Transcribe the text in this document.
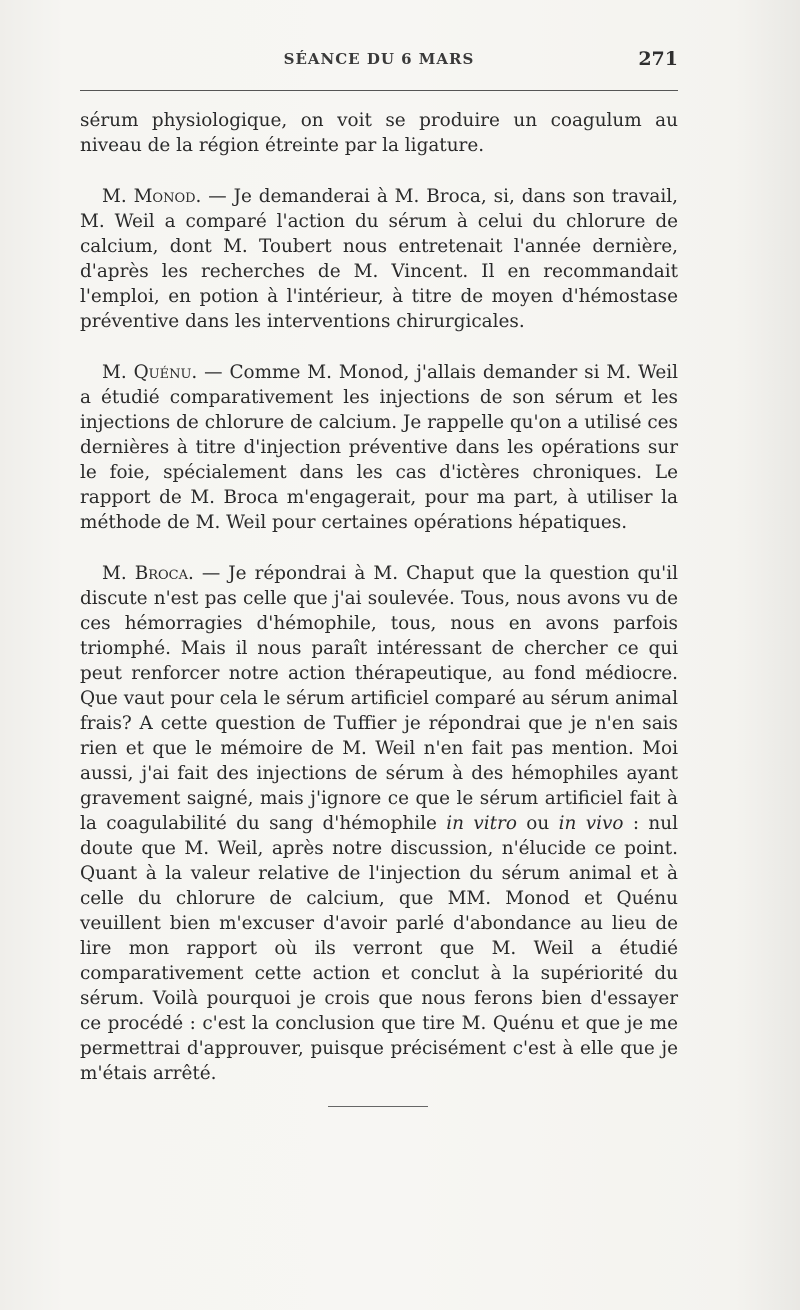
SÉANCE DU 6 MARS	271

sérum physiologique, on voit se produire un coagulum au niveau de la région étreinte par la ligature.

M. Monod. — Je demanderai à M. Broca, si, dans son travail, M. Weil a comparé l'action du sérum à celui du chlorure de calcium, dont M. Toubert nous entretenait l'année dernière, d'après les recherches de M. Vincent. Il en recommandait l'emploi, en potion à l'intérieur, à titre de moyen d'hémostase préventive dans les interventions chirurgicales.

M. Quénu. — Comme M. Monod, j'allais demander si M. Weil a étudié comparativement les injections de son sérum et les injections de chlorure de calcium. Je rappelle qu'on a utilisé ces dernières à titre d'injection préventive dans les opérations sur le foie, spécialement dans les cas d'ictères chroniques. Le rapport de M. Broca m'engagerait, pour ma part, à utiliser la méthode de M. Weil pour certaines opérations hépatiques.

M. Broca. — Je répondrai à M. Chaput que la question qu'il discute n'est pas celle que j'ai soulevée. Tous, nous avons vu de ces hémorragies d'hémophile, tous, nous en avons parfois triomphé. Mais il nous paraît intéressant de chercher ce qui peut renforcer notre action thérapeutique, au fond médiocre. Que vaut pour cela le sérum artificiel comparé au sérum animal frais? A cette question de Tuffier je répondrai que je n'en sais rien et que le mémoire de M. Weil n'en fait pas mention. Moi aussi, j'ai fait des injections de sérum à des hémophiles ayant gravement saigné, mais j'ignore ce que le sérum artificiel fait à la coagulabilité du sang d'hémophile in vitro ou in vivo : nul doute que M. Weil, après notre discussion, n'élucide ce point. Quant à la valeur relative de l'injection du sérum animal et à celle du chlorure de calcium, que MM. Monod et Quénu veuillent bien m'excuser d'avoir parlé d'abondance au lieu de lire mon rapport où ils verront que M. Weil a étudié comparativement cette action et conclut à la supériorité du sérum. Voilà pourquoi je crois que nous ferons bien d'essayer ce procédé : c'est la conclusion que tire M. Quénu et que je me permettrai d'approuver, puisque précisément c'est à elle que je m'étais arrêté.
